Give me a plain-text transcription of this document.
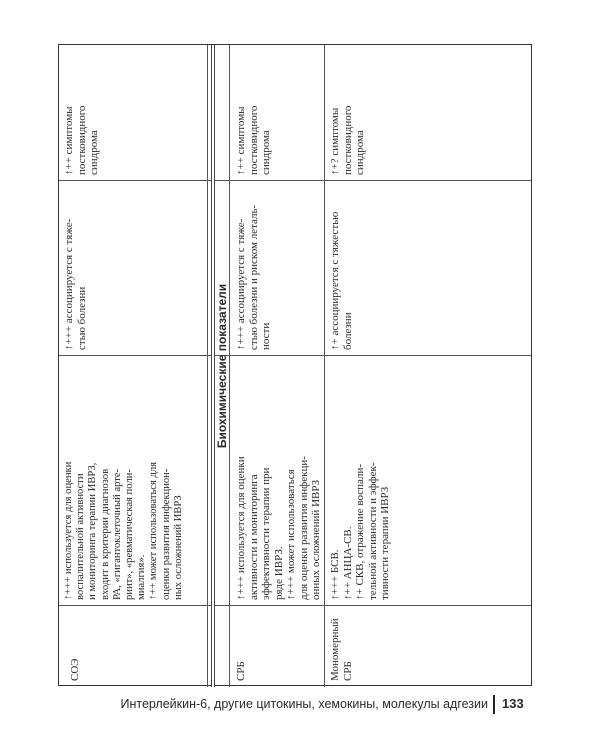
СОЭ
↑+++ используется для оценки
воспалительной активности
и мониторинга терапии ИВРЗ,
входит в критерии диагнозов
РА, «гигантоклеточный арте-
риит», «ревматическая поли-
миалгия».
↑++ может использоваться для
оценки развития инфекцион-
ных осложнений ИВРЗ
↑+++ ассоциируется с тяже-
стью болезни
↑++ симптомы постковидного
синдрома
Биохимические показатели
СРБ
↑+++ используется для оценки
активности и мониторинга
эффективности терапии при
ряде ИВРЗ.
↑+++ может использоваться
для оценки развития инфекци-
онных осложнений ИВРЗ
↑+++ ассоциируется с тяже-
стью болезни и риском леталь-
ности
↑++ симптомы постковидного
синдрома
Мономерный
СРБ
↑+++ БСВ.
↑++ АНЦА-СВ.
↑+ СКВ, отражение воспали-
тельной активности и эффек-
тивности терапии ИВРЗ
↑+ ассоциируется с тяжестью
болезни
↑+? симптомы постковидного
синдрома
Интерлейкин-6, другие цитокины, хемокины, молекулы адгезии 133
